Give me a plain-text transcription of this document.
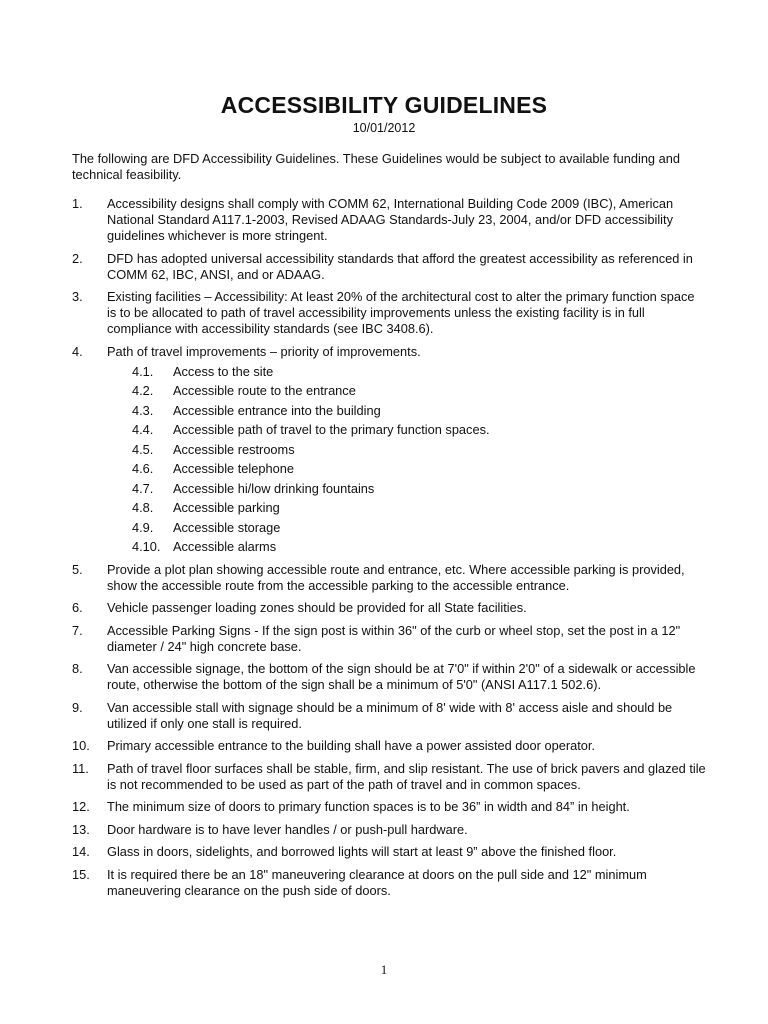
ACCESSIBILITY GUIDELINES
10/01/2012
The following are DFD Accessibility Guidelines. These Guidelines would be subject to available funding and technical feasibility.
1. Accessibility designs shall comply with COMM 62, International Building Code 2009 (IBC), American National Standard A117.1-2003, Revised ADAAG Standards-July 23, 2004, and/or DFD accessibility guidelines whichever is more stringent.
2. DFD has adopted universal accessibility standards that afford the greatest accessibility as referenced in COMM 62, IBC, ANSI, and or ADAAG.
3. Existing facilities – Accessibility: At least 20% of the architectural cost to alter the primary function space is to be allocated to path of travel accessibility improvements unless the existing facility is in full compliance with accessibility standards (see IBC 3408.6).
4. Path of travel improvements – priority of improvements.
4.1. Access to the site
4.2. Accessible route to the entrance
4.3. Accessible entrance into the building
4.4. Accessible path of travel to the primary function spaces.
4.5. Accessible restrooms
4.6. Accessible telephone
4.7. Accessible hi/low drinking fountains
4.8. Accessible parking
4.9. Accessible storage
4.10. Accessible alarms
5. Provide a plot plan showing accessible route and entrance, etc. Where accessible parking is provided, show the accessible route from the accessible parking to the accessible entrance.
6. Vehicle passenger loading zones should be provided for all State facilities.
7. Accessible Parking Signs - If the sign post is within 36" of the curb or wheel stop, set the post in a 12" diameter / 24" high concrete base.
8. Van accessible signage, the bottom of the sign should be at 7'0" if within 2'0" of a sidewalk or accessible route, otherwise the bottom of the sign shall be a minimum of 5'0" (ANSI A117.1 502.6).
9. Van accessible stall with signage should be a minimum of 8' wide with 8' access aisle and should be utilized if only one stall is required.
10. Primary accessible entrance to the building shall have a power assisted door operator.
11. Path of travel floor surfaces shall be stable, firm, and slip resistant. The use of brick pavers and glazed tile is not recommended to be used as part of the path of travel and in common spaces.
12. The minimum size of doors to primary function spaces is to be 36” in width and 84” in height.
13. Door hardware is to have lever handles / or push-pull hardware.
14. Glass in doors, sidelights, and borrowed lights will start at least 9” above the finished floor.
15. It is required there be an 18" maneuvering clearance at doors on the pull side and 12" minimum maneuvering clearance on the push side of doors.
1
